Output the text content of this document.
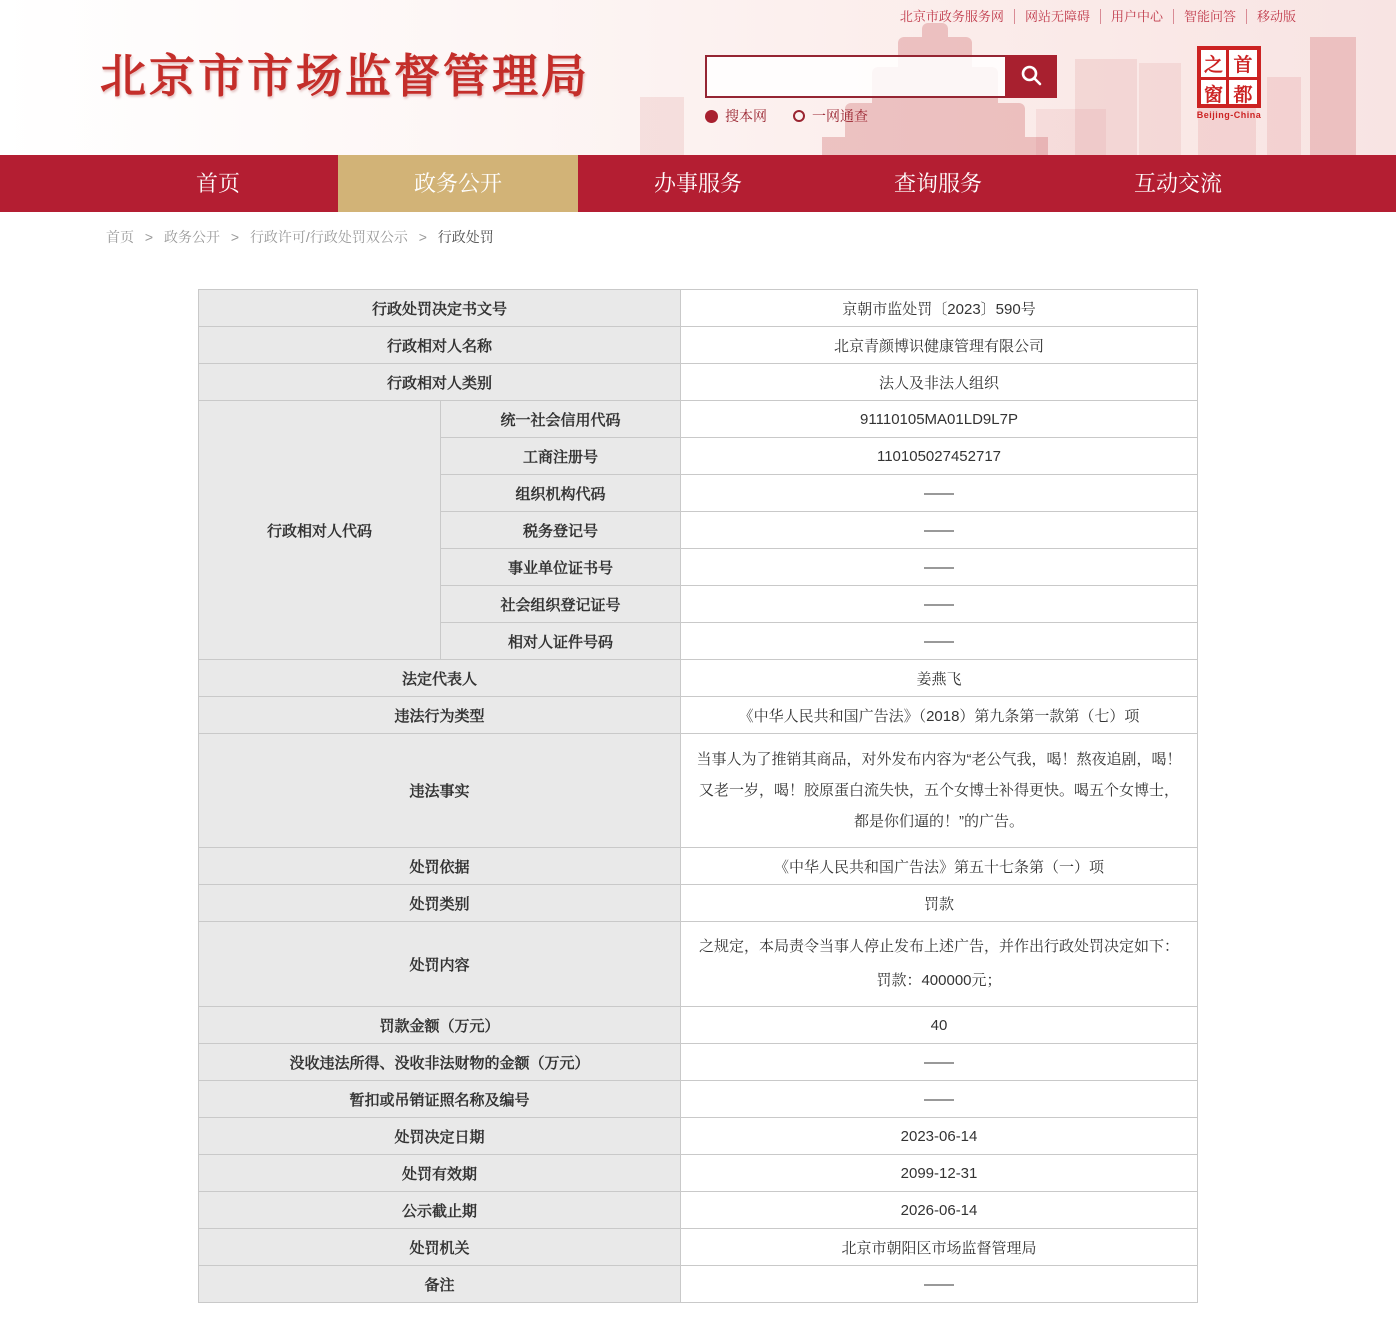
北京市政务服务网 网站无障碍 用户中心 智能问答 移动版
北京市市场监督管理局
搜本网	一网通查
之 首
窗 都
Beijing-China
首页	政务公开	办事服务	查询服务	互动交流
首页 > 政务公开 > 行政许可/行政处罚双公示 > 行政处罚
行政处罚决定书文号		京朝市监处罚〔2023〕590号
行政相对人名称		北京青颜博识健康管理有限公司
行政相对人类别		法人及非法人组织
行政相对人代码	统一社会信用代码	91110105MA01LD9L7P
	工商注册号	110105027452717
	组织机构代码	——
	税务登记号	——
	事业单位证书号	——
	社会组织登记证号	——
	相对人证件号码	——
法定代表人		姜燕飞
违法行为类型		《中华人民共和国广告法》（2018）第九条第一款第（七）项
违法事实		当事人为了推销其商品，对外发布内容为“老公气我，喝！熬夜追剧，喝！又老一岁，喝！胶原蛋白流失快，五个女博士补得更快。喝五个女博士，都是你们逼的！”的广告。
处罚依据		《中华人民共和国广告法》第五十七条第（一）项
处罚类别		罚款
处罚内容		之规定，本局责令当事人停止发布上述广告，并作出行政处罚决定如下：罚款：400000元；
罚款金额（万元）		40
没收违法所得、没收非法财物的金额（万元）		——
暂扣或吊销证照名称及编号		——
处罚决定日期		2023-06-14
处罚有效期		2099-12-31
公示截止期		2026-06-14
处罚机关		北京市朝阳区市场监督管理局
备注		——
